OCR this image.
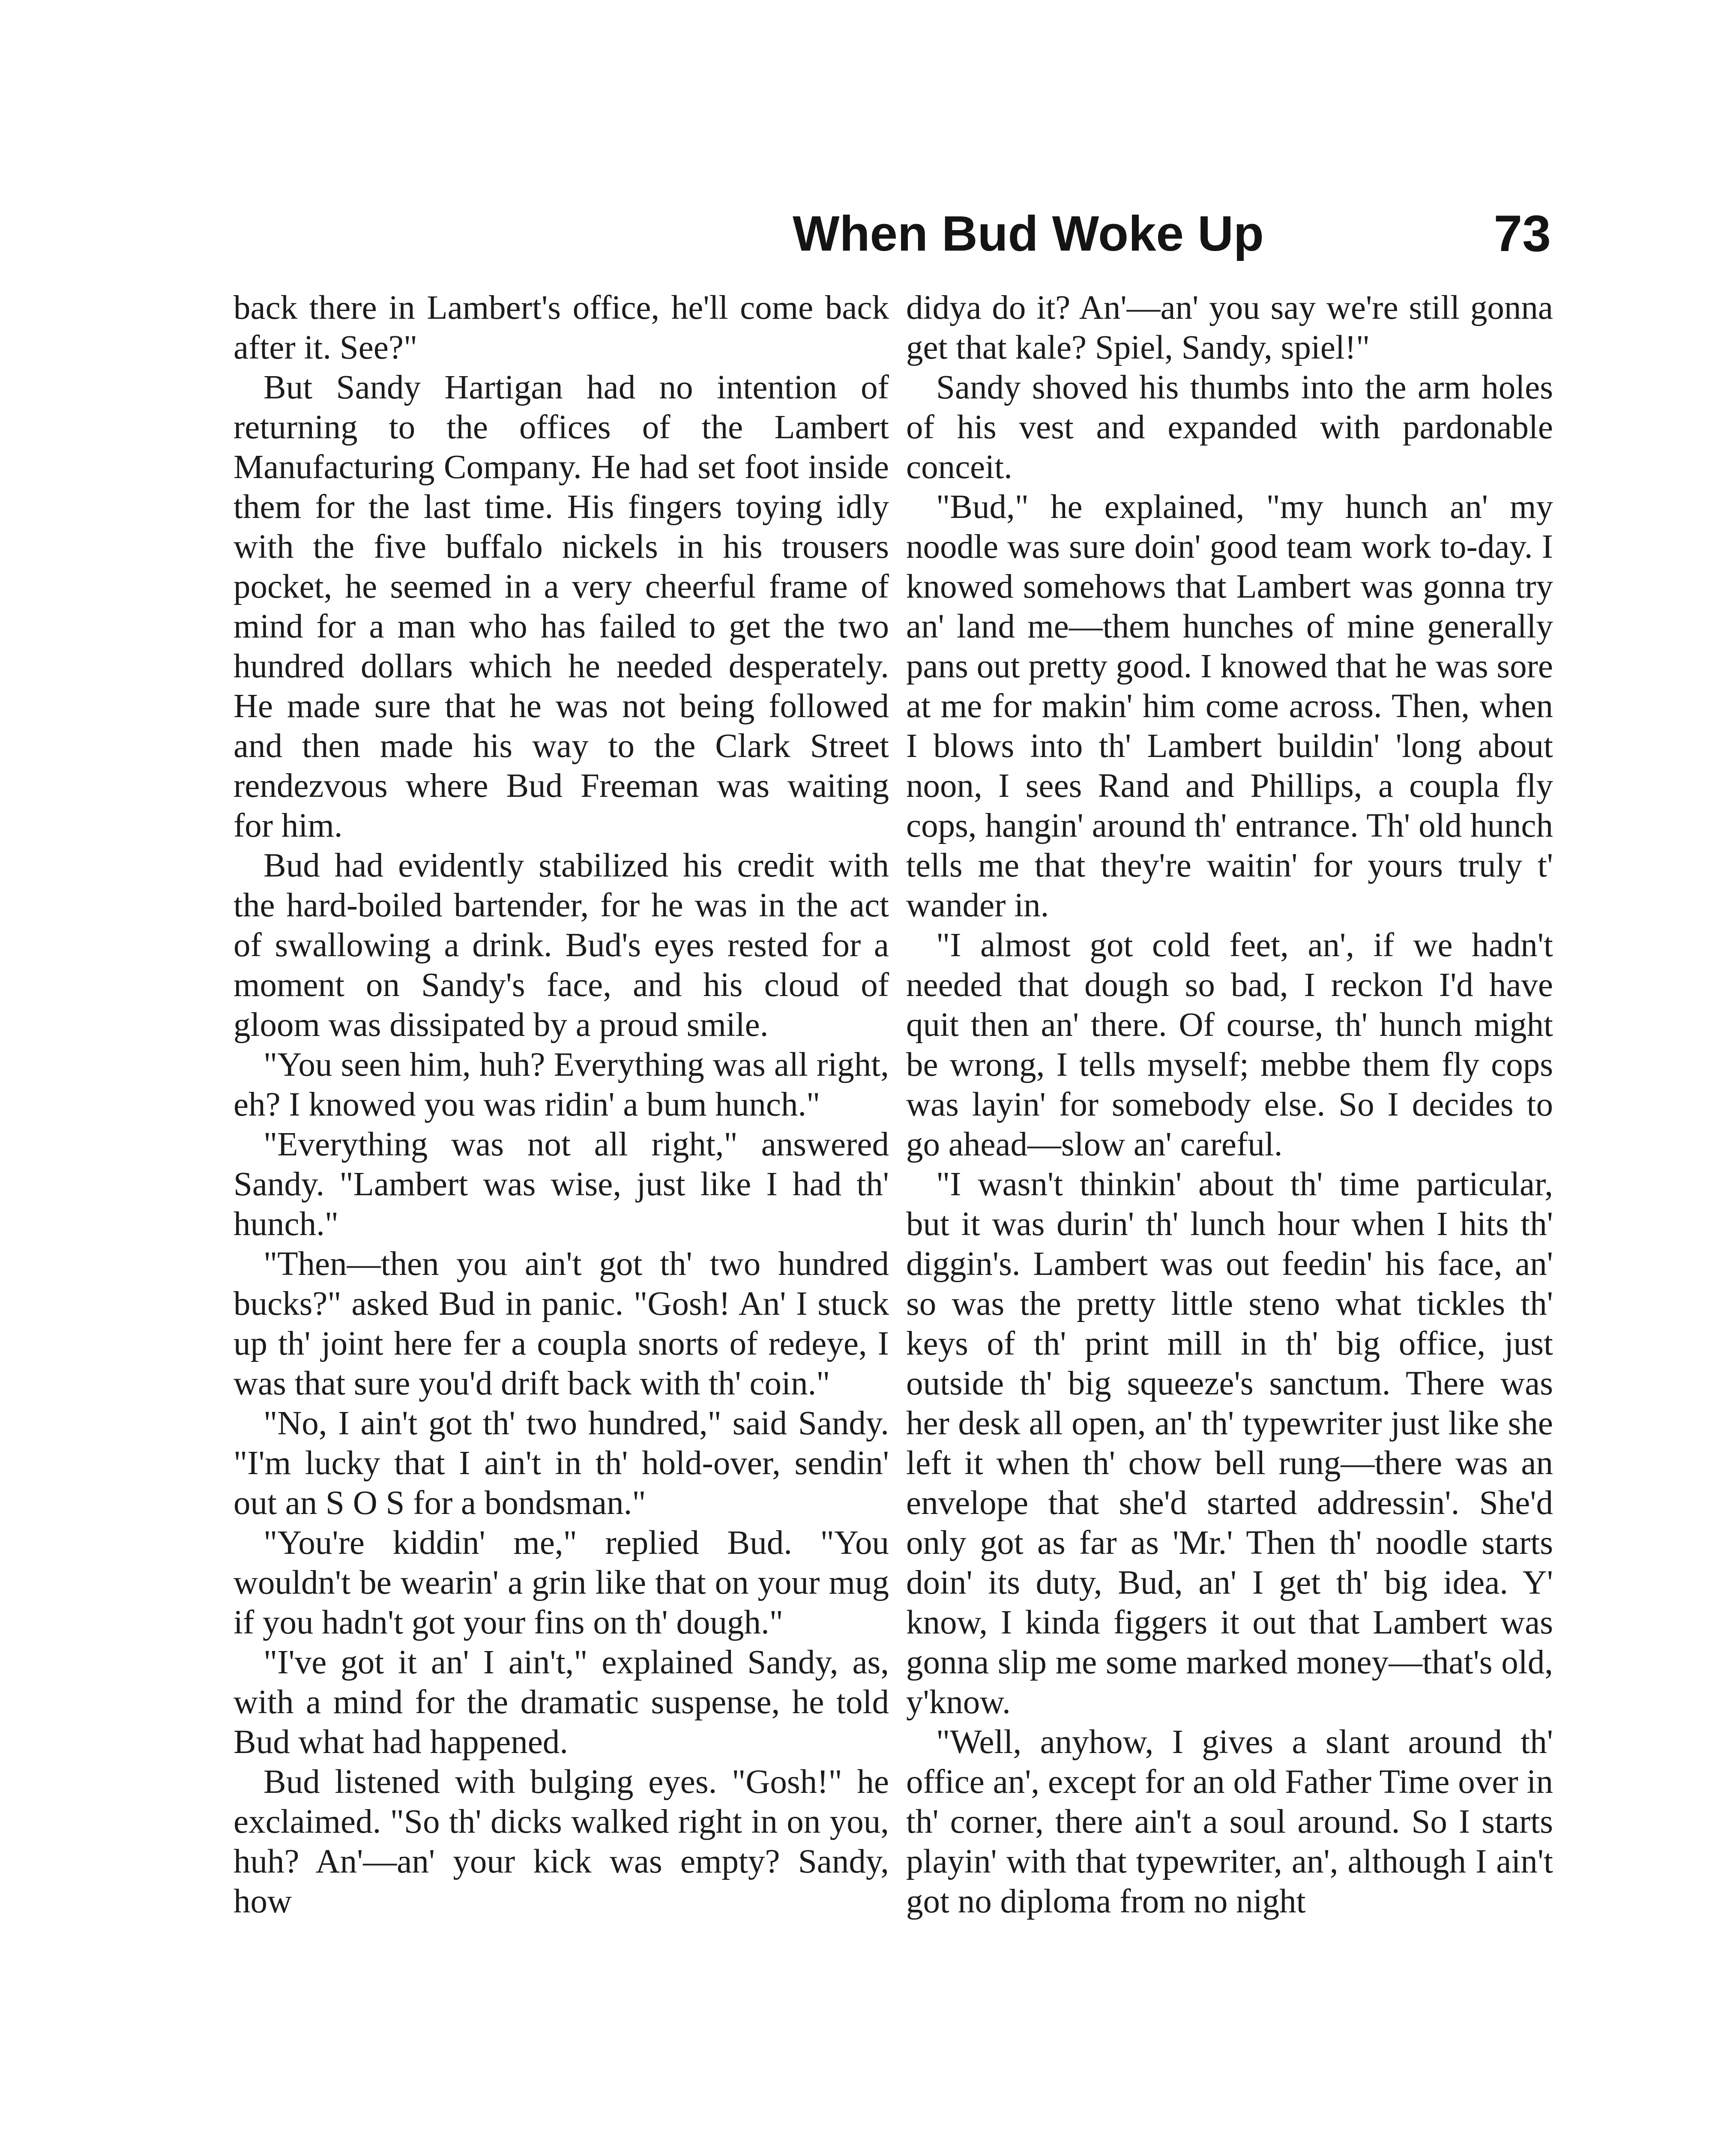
When Bud Woke Up	73

back there in Lambert's office, he'll come back after it. See?"

But Sandy Hartigan had no intention of returning to the offices of the Lambert Manufacturing Company. He had set foot inside them for the last time. His fingers toying idly with the five buffalo nickels in his trousers pocket, he seemed in a very cheerful frame of mind for a man who has failed to get the two hundred dollars which he needed desperately. He made sure that he was not being followed and then made his way to the Clark Street rendezvous where Bud Freeman was waiting for him.

Bud had evidently stabilized his credit with the hard-boiled bartender, for he was in the act of swallowing a drink. Bud's eyes rested for a moment on Sandy's face, and his cloud of gloom was dissipated by a proud smile.

"You seen him, huh? Everything was all right, eh? I knowed you was ridin' a bum hunch."

"Everything was not all right," answered Sandy. "Lambert was wise, just like I had th' hunch."

"Then—then you ain't got th' two hundred bucks?" asked Bud in panic. "Gosh! An' I stuck up th' joint here fer a coupla snorts of redeye, I was that sure you'd drift back with th' coin."

"No, I ain't got th' two hundred," said Sandy. "I'm lucky that I ain't in th' hold-over, sendin' out an S O S for a bondsman."

"You're kiddin' me," replied Bud. "You wouldn't be wearin' a grin like that on your mug if you hadn't got your fins on th' dough."

"I've got it an' I ain't," explained Sandy, as, with a mind for the dramatic suspense, he told Bud what had happened.

Bud listened with bulging eyes. "Gosh!" he exclaimed. "So th' dicks walked right in on you, huh? An'—an' your kick was empty? Sandy, how

didya do it? An'—an' you say we're still gonna get that kale? Spiel, Sandy, spiel!"

Sandy shoved his thumbs into the arm holes of his vest and expanded with pardonable conceit.

"Bud," he explained, "my hunch an' my noodle was sure doin' good team work to-day. I knowed somehows that Lambert was gonna try an' land me—them hunches of mine generally pans out pretty good. I knowed that he was sore at me for makin' him come across. Then, when I blows into th' Lambert buildin' 'long about noon, I sees Rand and Phillips, a coupla fly cops, hangin' around th' entrance. Th' old hunch tells me that they're waitin' for yours truly t' wander in.

"I almost got cold feet, an', if we hadn't needed that dough so bad, I reckon I'd have quit then an' there. Of course, th' hunch might be wrong, I tells myself; mebbe them fly cops was layin' for somebody else. So I decides to go ahead—slow an' careful.

"I wasn't thinkin' about th' time particular, but it was durin' th' lunch hour when I hits th' diggin's. Lambert was out feedin' his face, an' so was the pretty little steno what tickles th' keys of th' print mill in th' big office, just outside th' big squeeze's sanctum. There was her desk all open, an' th' typewriter just like she left it when th' chow bell rung—there was an envelope that she'd started addressin'. She'd only got as far as 'Mr.' Then th' noodle starts doin' its duty, Bud, an' I get th' big idea. Y' know, I kinda figgers it out that Lambert was gonna slip me some marked money—that's old, y'know.

"Well, anyhow, I gives a slant around th' office an', except for an old Father Time over in th' corner, there ain't a soul around. So I starts playin' with that typewriter, an', although I ain't got no diploma from no night
